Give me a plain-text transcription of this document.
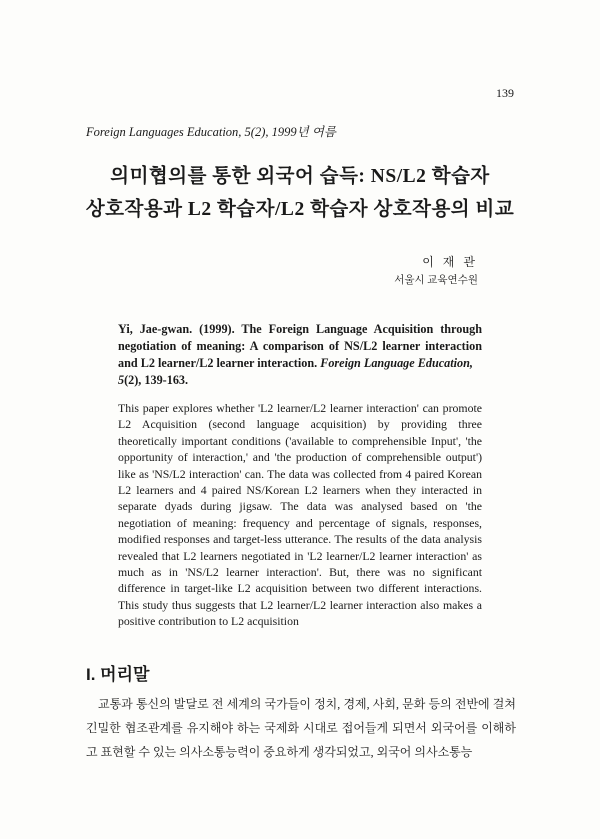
139
Foreign Languages Education, 5(2), 1999년 여름
의미협의를 통한 외국어 습득: NS/L2 학습자
상호작용과 L2 학습자/L2 학습자 상호작용의 비교
이 재 관
서울시 교육연수원
Yi, Jae-gwan. (1999). The Foreign Language Acquisition through negotiation of meaning: A comparison of NS/L2 learner interaction and L2 learner/L2 learner interaction. Foreign Language Education,
5(2), 139-163.
This paper explores whether 'L2 learner/L2 learner interaction' can promote L2 Acquisition (second language acquisition) by providing three theoretically important conditions ('available to comprehensible Input', 'the opportunity of interaction,' and 'the production of comprehensible output') like as 'NS/L2 interaction' can. The data was collected from 4 paired Korean L2 learners and 4 paired NS/Korean L2 learners when they interacted in separate dyads during jigsaw. The data was analysed based on 'the negotiation of meaning: frequency and percentage of signals, responses, modified responses and target-less utterance. The results of the data analysis revealed that L2 learners negotiated in 'L2 learner/L2 learner interaction' as much as in 'NS/L2 learner interaction'. But, there was no significant difference in target-like L2 acquisition between two different interactions. This study thus suggests that L2 learner/L2 learner interaction also makes a positive contribution to L2 acquisition
I. 머리말
교통과 통신의 발달로 전 세계의 국가들이 정치, 경제, 사회, 문화 등의 전반에 걸쳐 긴밀한 협조관계를 유지해야 하는 국제화 시대로 접어들게 되면서 외국어를 이해하고 표현할 수 있는 의사소통능력이 중요하게 생각되었고, 외국어 의사소통능
